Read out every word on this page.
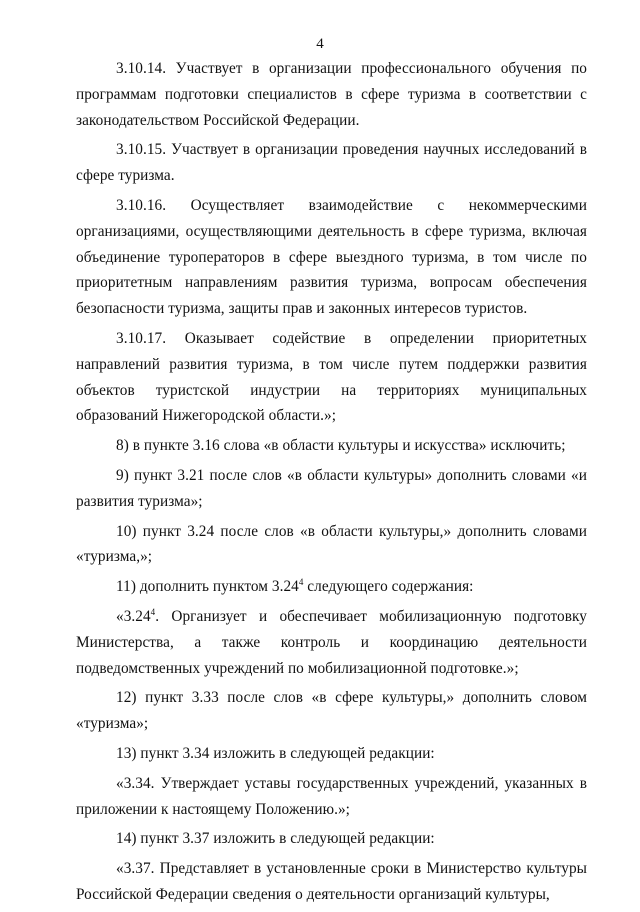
4

3.10.14. Участвует в организации профессионального обучения по программам подготовки специалистов в сфере туризма в соответствии с законодательством Российской Федерации.

3.10.15. Участвует в организации проведения научных исследований в сфере туризма.

3.10.16. Осуществляет взаимодействие с некоммерческими организациями, осуществляющими деятельность в сфере туризма, включая объединение туроператоров в сфере выездного туризма, в том числе по приоритетным направлениям развития туризма, вопросам обеспечения безопасности туризма, защиты прав и законных интересов туристов.

3.10.17. Оказывает содействие в определении приоритетных направлений развития туризма, в том числе путем поддержки развития объектов туристской индустрии на территориях муниципальных образований Нижегородской области.»;

8) в пункте 3.16 слова «в области культуры и искусства» исключить;

9) пункт 3.21 после слов «в области культуры» дополнить словами «и развития туризма»;

10) пункт 3.24 после слов «в области культуры,» дополнить словами «туризма,»;

11) дополнить пунктом 3.24$^4$ следующего содержания:

«3.24$^4$. Организует и обеспечивает мобилизационную подготовку Министерства, а также контроль и координацию деятельности подведомственных учреждений по мобилизационной подготовке.»;

12) пункт 3.33 после слов «в сфере культуры,» дополнить словом «туризма»;

13) пункт 3.34 изложить в следующей редакции:

«3.34. Утверждает уставы государственных учреждений, указанных в приложении к настоящему Положению.»;

14) пункт 3.37 изложить в следующей редакции:

«3.37. Представляет в установленные сроки в Министерство культуры Российской Федерации сведения о деятельности организаций культуры,
